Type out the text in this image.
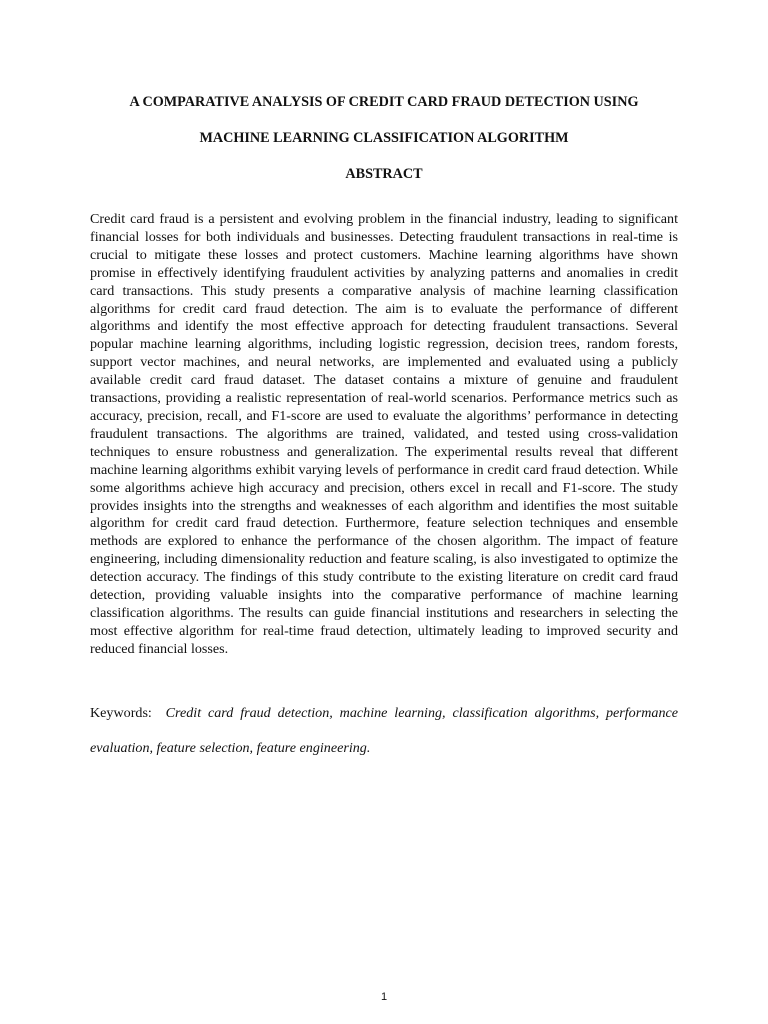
A COMPARATIVE ANALYSIS OF CREDIT CARD FRAUD DETECTION USING

MACHINE LEARNING CLASSIFICATION ALGORITHM

ABSTRACT

Credit card fraud is a persistent and evolving problem in the financial industry, leading to significant financial losses for both individuals and businesses. Detecting fraudulent transactions in real-time is crucial to mitigate these losses and protect customers. Machine learning algorithms have shown promise in effectively identifying fraudulent activities by analyzing patterns and anomalies in credit card transactions. This study presents a comparative analysis of machine learning classification algorithms for credit card fraud detection. The aim is to evaluate the performance of different algorithms and identify the most effective approach for detecting fraudulent transactions. Several popular machine learning algorithms, including logistic regression, decision trees, random forests, support vector machines, and neural networks, are implemented and evaluated using a publicly available credit card fraud dataset. The dataset contains a mixture of genuine and fraudulent transactions, providing a realistic representation of real-world scenarios. Performance metrics such as accuracy, precision, recall, and F1-score are used to evaluate the algorithms’ performance in detecting fraudulent transactions. The algorithms are trained, validated, and tested using cross-validation techniques to ensure robustness and generalization. The experimental results reveal that different machine learning algorithms exhibit varying levels of performance in credit card fraud detection. While some algorithms achieve high accuracy and precision, others excel in recall and F1-score. The study provides insights into the strengths and weaknesses of each algorithm and identifies the most suitable algorithm for credit card fraud detection. Furthermore, feature selection techniques and ensemble methods are explored to enhance the performance of the chosen algorithm. The impact of feature engineering, including dimensionality reduction and feature scaling, is also investigated to optimize the detection accuracy. The findings of this study contribute to the existing literature on credit card fraud detection, providing valuable insights into the comparative performance of machine learning classification algorithms. The results can guide financial institutions and researchers in selecting the most effective algorithm for real-time fraud detection, ultimately leading to improved security and reduced financial losses.

Keywords: Credit card fraud detection, machine learning, classification algorithms, performance evaluation, feature selection, feature engineering.

1
